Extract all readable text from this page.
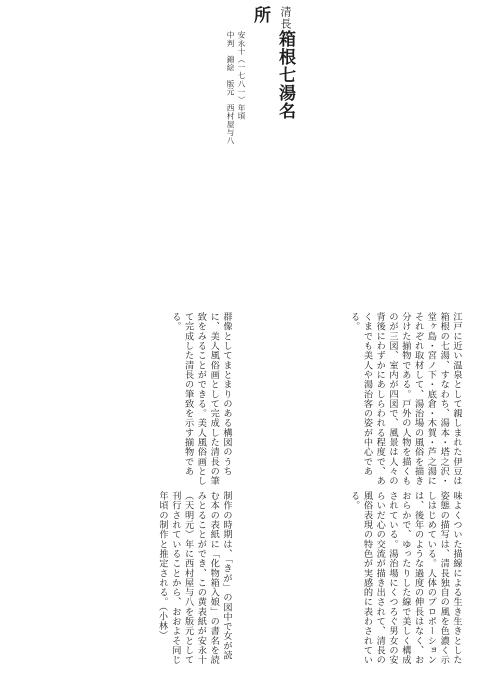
清長箱根七湯名所
安永十（一七八一）年頃
中判　錦絵　版元　西村屋与八
江戸に近い温泉として親しまれた伊豆は箱根の七湯、すなわち、湯本・塔之沢・堂ヶ島・宮ノ下・底倉・木賀・芦之湯にそれぞれ取材して、湯治場の風俗を描き分けた揃物である。戸外の人物を描くものが三図、室内が四図で、風景は人々の背後にわずかにあしらわれる程度で、あくまでも美人や湯治客の姿が中心である。
群像としてまとまりのある構図のうちに、美人風俗画として完成した清長の筆致をみることができる。美人風俗画として完成した清長の筆致を示す揃物である。
味よくついた描線による生き生きとした姿態の描写は、清長独自の風を色濃く示しはじめている。人体のプロポーションは、後年のような過度の伸長はなく、おおらかで、ゆったりした線で美しく構成されている。湯治場にくつろぐ男女の安らいだ心の交流が描き出されて、清長の風俗表現の特色が実感的に表わされている。
制作の時期は、「きが」の図中で女が読む本の表紙に「化物箱入娘」の書名を読みとることができ、この黄表紙が安永十（天明元）年に西村屋与八を版元として刊行されていることから、おおよそ同じ年頃の制作と推定される。（小林）
